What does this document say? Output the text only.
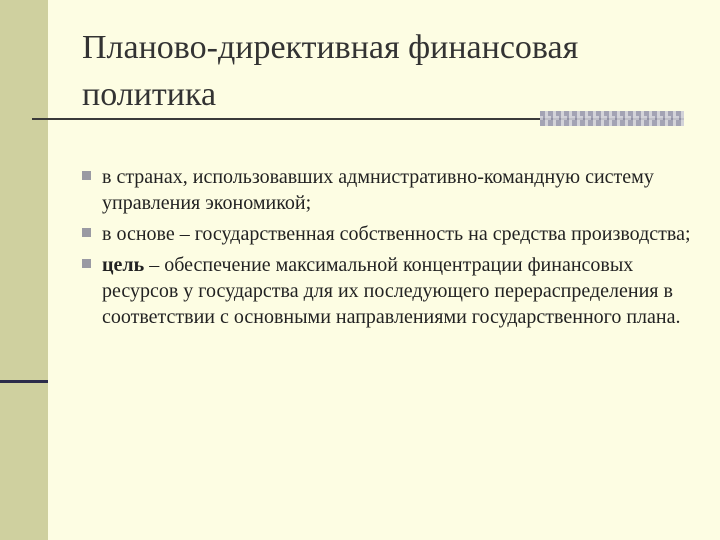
Планово-директивная финансовая политика
в странах, использовавших адмнистративно-командную систему управления экономикой;
в основе – государственная собственность на средства производства;
цель – обеспечение максимальной концентрации финансовых ресурсов у государства для их последующего перераспределения в соответствии с основными направлениями государственного плана.
